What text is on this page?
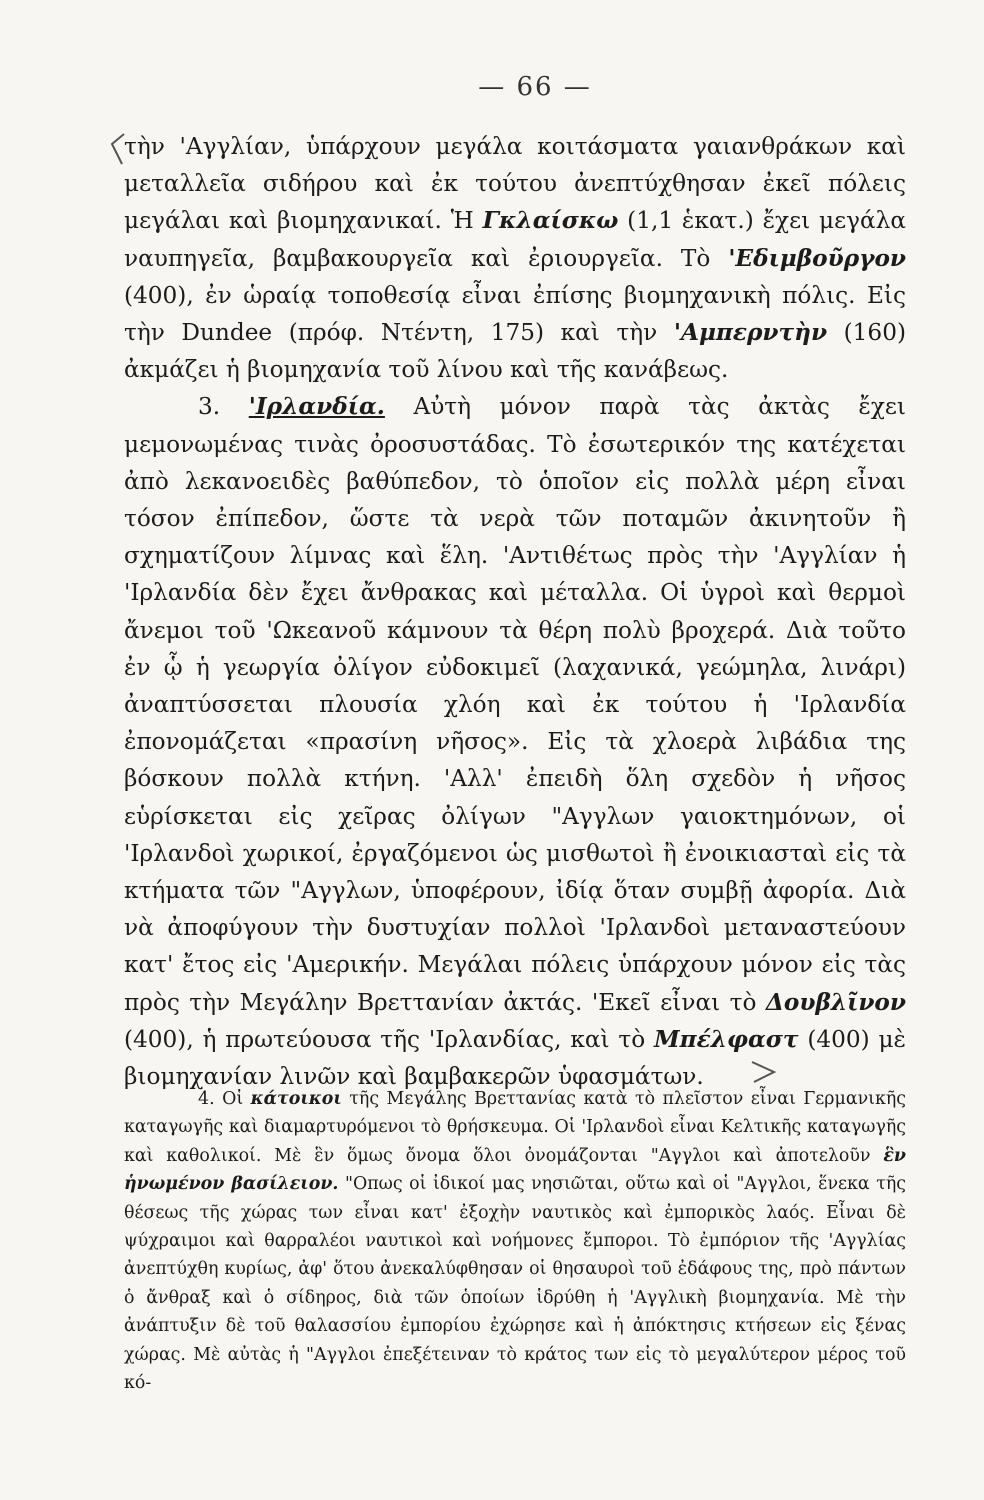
— 66 —

τὴν 'Αγγλίαν, ὑπάρχουν μεγάλα κοιτάσματα γαιανθράκων καὶ μεταλλεῖα σιδήρου καὶ ἐκ τούτου ἀνεπτύχθησαν ἐκεῖ πόλεις μεγάλαι καὶ βιομηχανικαί. Ἡ Γκλαίσκω (1,1 ἑκατ.) ἔχει μεγάλα ναυπηγεῖα, βαμβακουργεῖα καὶ ἐριουργεῖα. Τὸ 'Εδιμβοῦργον (400), ἐν ὡραίᾳ τοποθεσίᾳ εἶναι ἐπίσης βιομηχανικὴ πόλις. Εἰς τὴν Dundee (πρόφ. Ντέντη, 175) καὶ τὴν 'Αμπερντὴν (160) ἀκμάζει ἡ βιομηχανία τοῦ λίνου καὶ τῆς κανάβεως.

3. 'Ιρλανδία. Αὐτὴ μόνον παρὰ τὰς ἀκτὰς ἔχει μεμονωμένας τινὰς ὀροσυστάδας. Τὸ ἐσωτερικόν της κατέχεται ἀπὸ λεκανοειδὲς βαθύπεδον, τὸ ὁποῖον εἰς πολλὰ μέρη εἶναι τόσον ἐπίπεδον, ὥστε τὰ νερὰ τῶν ποταμῶν ἀκινητοῦν ἢ σχηματίζουν λίμνας καὶ ἕλη. 'Αντιθέτως πρὸς τὴν 'Αγγλίαν ἡ 'Ιρλανδία δὲν ἔχει ἄνθρακας καὶ μέταλλα. Οἱ ὑγροὶ καὶ θερμοὶ ἄνεμοι τοῦ 'Ωκεανοῦ κάμνουν τὰ θέρη πολὺ βροχερά. Διὰ τοῦτο ἐν ᾧ ἡ γεωργία ὀλίγον εὐδοκιμεῖ (λαχανικά, γεώμηλα, λινάρι) ἀναπτύσσεται πλουσία χλόη καὶ ἐκ τούτου ἡ 'Ιρλανδία ἐπονομάζεται «πρασίνη νῆσος». Εἰς τὰ χλοερὰ λιβάδια της βόσκουν πολλὰ κτήνη. 'Αλλ' ἐπειδὴ ὅλη σχεδὸν ἡ νῆσος εὑρίσκεται εἰς χεῖρας ὀλίγων "Αγγλων γαιοκτημόνων, οἱ 'Ιρλανδοὶ χωρικοί, ἐργαζόμενοι ὡς μισθωτοὶ ἢ ἐνοικιασταὶ εἰς τὰ κτήματα τῶν "Αγγλων, ὑποφέρουν, ἰδίᾳ ὅταν συμβῇ ἀφορία. Διὰ νὰ ἀποφύγουν τὴν δυστυχίαν πολλοὶ 'Ιρλανδοὶ μεταναστεύουν κατ' ἔτος εἰς 'Αμερικήν. Μεγάλαι πόλεις ὑπάρχουν μόνον εἰς τὰς πρὸς τὴν Μεγάλην Βρεττανίαν ἀκτάς. 'Εκεῖ εἶναι τὸ Δουβλῖνον (400), ἡ πρωτεύουσα τῆς 'Ιρλανδίας, καὶ τὸ Μπέλφαστ (400) μὲ βιομηχανίαν λινῶν καὶ βαμβακερῶν ὑφασμάτων.

4. Οἱ κάτοικοι τῆς Μεγάλης Βρεττανίας κατὰ τὸ πλεῖστον εἶναι Γερμανικῆς καταγωγῆς καὶ διαμαρτυρόμενοι τὸ θρήσκευμα. Οἱ 'Ιρλανδοὶ εἶναι Κελτικῆς καταγωγῆς καὶ καθολικοί. Μὲ ἓν ὅμως ὄνομα ὅλοι ὀνομάζονται "Αγγλοι καὶ ἀποτελοῦν ἓν ἡνωμένον βασίλειον. "Οπως οἱ ἰδικοί μας νησιῶται, οὕτω καὶ οἱ "Αγγλοι, ἕνεκα τῆς θέσεως τῆς χώρας των εἶναι κατ' ἐξοχὴν ναυτικὸς καὶ ἐμπορικὸς λαός. Εἶναι δὲ ψύχραιμοι καὶ θαρραλέοι ναυτικοὶ καὶ νοήμονες ἔμποροι. Τὸ ἐμπόριον τῆς 'Αγγλίας ἀνεπτύχθη κυρίως, ἀφ' ὅτου ἀνεκαλύφθησαν οἱ θησαυροὶ τοῦ ἐδάφους της, πρὸ πάντων ὁ ἄνθραξ καὶ ὁ σίδηρος, διὰ τῶν ὁποίων ἱδρύθη ἡ 'Αγγλικὴ βιομηχανία. Μὲ τὴν ἀνάπτυξιν δὲ τοῦ θαλασσίου ἐμπορίου ἐχώρησε καὶ ἡ ἀπόκτησις κτήσεων εἰς ξένας χώρας. Μὲ αὐτὰς ἡ "Αγγλοι ἐπεξέτειναν τὸ κράτος των εἰς τὸ μεγαλύτερον μέρος τοῦ κό-
